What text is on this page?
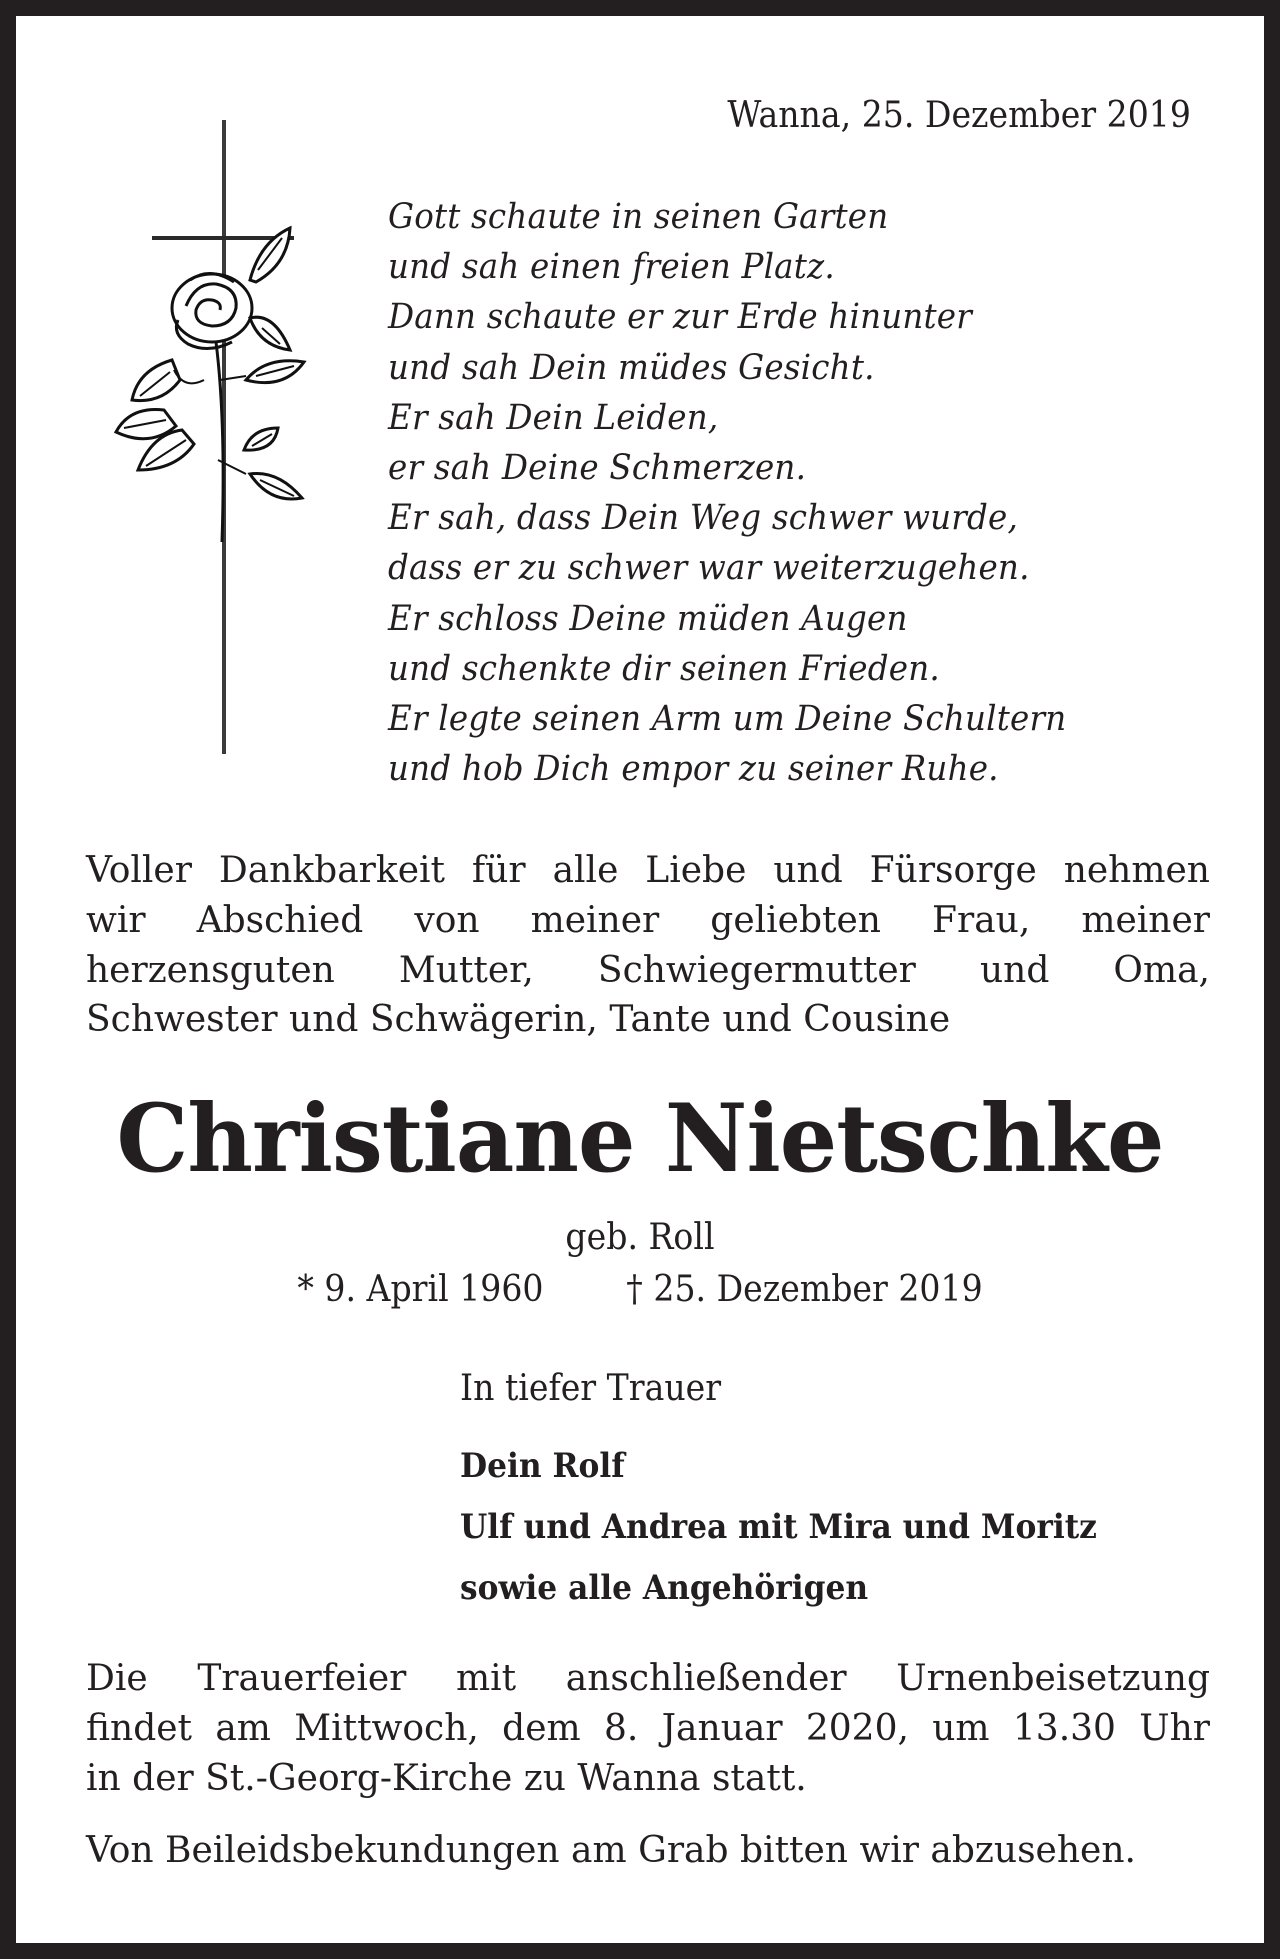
Wanna, 25. Dezember 2019
Gott schaute in seinen Garten
und sah einen freien Platz.
Dann schaute er zur Erde hinunter
und sah Dein müdes Gesicht.
Er sah Dein Leiden,
er sah Deine Schmerzen.
Er sah, dass Dein Weg schwer wurde,
dass er zu schwer war weiterzugehen.
Er schloss Deine müden Augen
und schenkte dir seinen Frieden.
Er legte seinen Arm um Deine Schultern
und hob Dich empor zu seiner Ruhe.
Voller Dankbarkeit für alle Liebe und Fürsorge nehmen
wir Abschied von meiner geliebten Frau, meiner
herzensguten Mutter, Schwiegermutter und Oma,
Schwester und Schwägerin, Tante und Cousine
Christiane Nietschke
geb. Roll
* 9. April 1960 † 25. Dezember 2019
In tiefer Trauer
Dein Rolf
Ulf und Andrea mit Mira und Moritz
sowie alle Angehörigen
Die Trauerfeier mit anschließender Urnenbeisetzung
findet am Mittwoch, dem 8. Januar 2020, um 13.30 Uhr
in der St.-Georg-Kirche zu Wanna statt.
Von Beileidsbekundungen am Grab bitten wir abzusehen.
